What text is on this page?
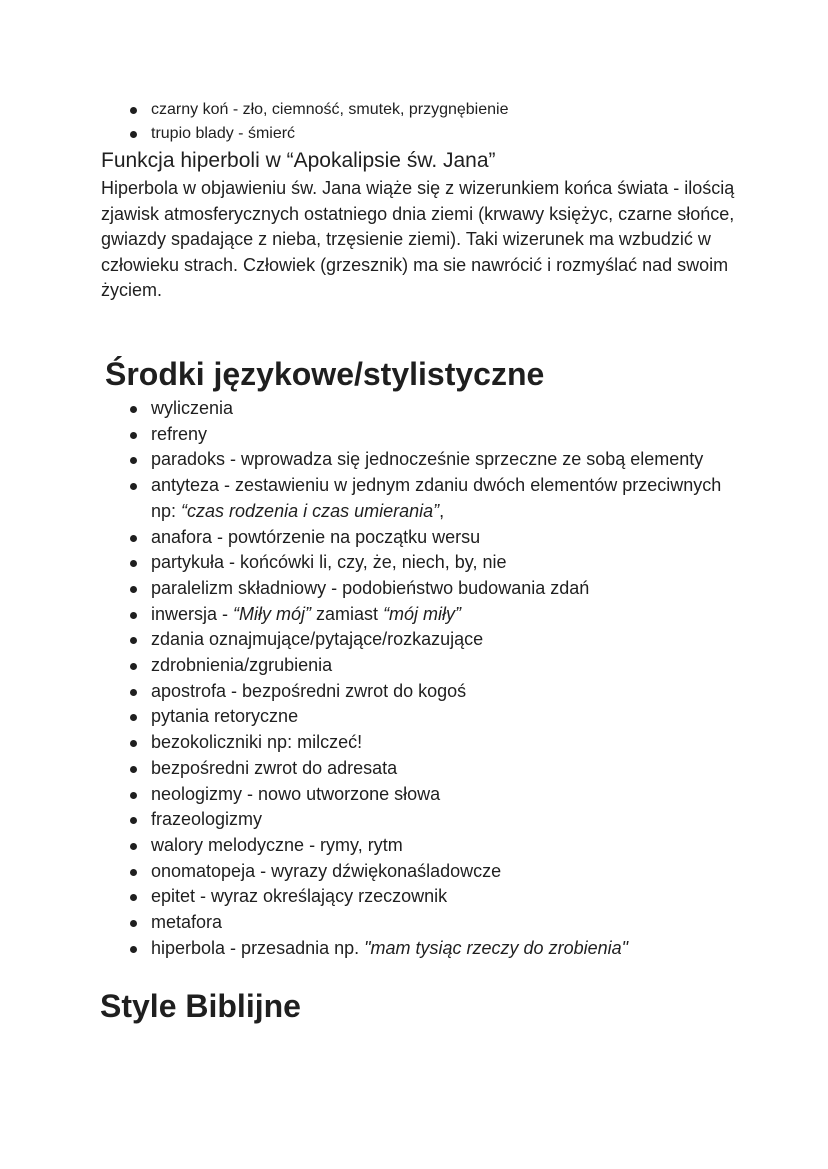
czarny koń - zło, ciemność, smutek, przygnębienie
trupio blady - śmierć
Funkcja hiperboli w “Apokalipsie św. Jana”

Hiperbola w objawieniu św. Jana wiąże się z wizerunkiem końca świata - ilością zjawisk atmosferycznych ostatniego dnia ziemi (krwawy księżyc, czarne słońce, gwiazdy spadające z nieba, trzęsienie ziemi). Taki wizerunek ma wzbudzić w człowieku strach. Człowiek (grzesznik) ma sie nawrócić i rozmyślać nad swoim życiem.

Środki językowe/stylistyczne
wyliczenia
refreny
paradoks - wprowadza się jednocześnie sprzeczne ze sobą elementy
antyteza - zestawieniu w jednym zdaniu dwóch elementów przeciwnych np: “czas rodzenia i czas umierania”,
anafora - powtórzenie na początku wersu
partykuła - końcówki li, czy, że, niech, by, nie
paralelizm składniowy - podobieństwo budowania zdań
inwersja - “Miły mój” zamiast “mój miły”
zdania oznajmujące/pytające/rozkazujące
zdrobnienia/zgrubienia
apostrofa - bezpośredni zwrot do kogoś
pytania retoryczne
bezokoliczniki np: milczeć!
bezpośredni zwrot do adresata
neologizmy - nowo utworzone słowa
frazeologizmy
walory melodyczne - rymy, rytm
onomatopeja - wyrazy dźwiękonaśladowcze
epitet - wyraz określający rzeczownik
metafora
hiperbola - przesadnia np. "mam tysiąc rzeczy do zrobienia"
Style Biblijne
